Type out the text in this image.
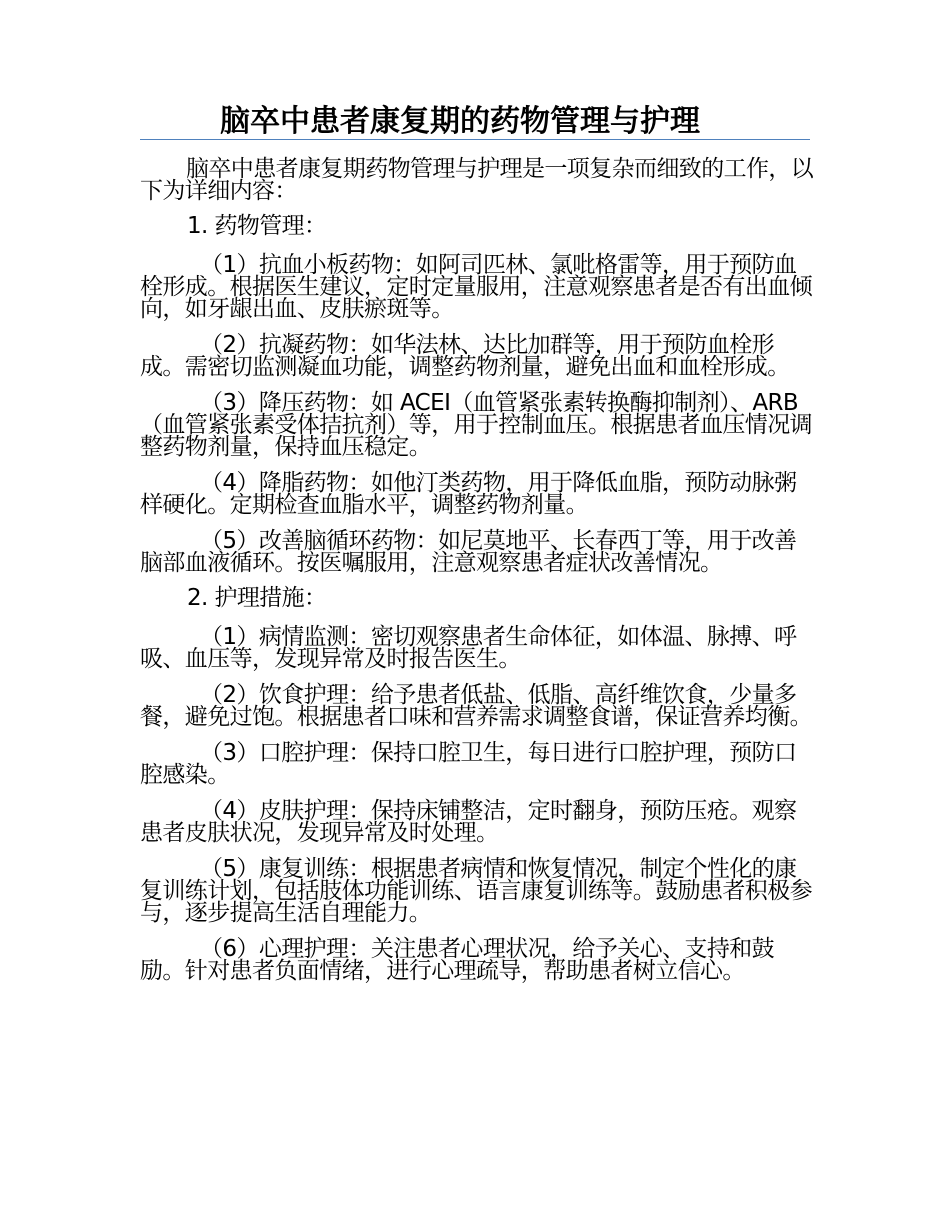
脑卒中患者康复期的药物管理与护理

脑卒中患者康复期药物管理与护理是一项复杂而细致的工作，以下为详细内容：

1. 药物管理：

（1）抗血小板药物：如阿司匹林、氯吡格雷等，用于预防血栓形成。根据医生建议，定时定量服用，注意观察患者是否有出血倾向，如牙龈出血、皮肤瘀斑等。

（2）抗凝药物：如华法林、达比加群等，用于预防血栓形成。需密切监测凝血功能，调整药物剂量，避免出血和血栓形成。

（3）降压药物：如 ACEI（血管紧张素转换酶抑制剂）、ARB（血管紧张素受体拮抗剂）等，用于控制血压。根据患者血压情况调整药物剂量，保持血压稳定。

（4）降脂药物：如他汀类药物，用于降低血脂，预防动脉粥样硬化。定期检查血脂水平，调整药物剂量。

（5）改善脑循环药物：如尼莫地平、长春西丁等，用于改善脑部血液循环。按医嘱服用，注意观察患者症状改善情况。

2. 护理措施：

（1）病情监测：密切观察患者生命体征，如体温、脉搏、呼吸、血压等，发现异常及时报告医生。

（2）饮食护理：给予患者低盐、低脂、高纤维饮食，少量多餐，避免过饱。根据患者口味和营养需求调整食谱，保证营养均衡。

（3）口腔护理：保持口腔卫生，每日进行口腔护理，预防口腔感染。

（4）皮肤护理：保持床铺整洁，定时翻身，预防压疮。观察患者皮肤状况，发现异常及时处理。

（5）康复训练：根据患者病情和恢复情况，制定个性化的康复训练计划，包括肢体功能训练、语言康复训练等。鼓励患者积极参与，逐步提高生活自理能力。

（6）心理护理：关注患者心理状况，给予关心、支持和鼓励。针对患者负面情绪，进行心理疏导，帮助患者树立信心。
